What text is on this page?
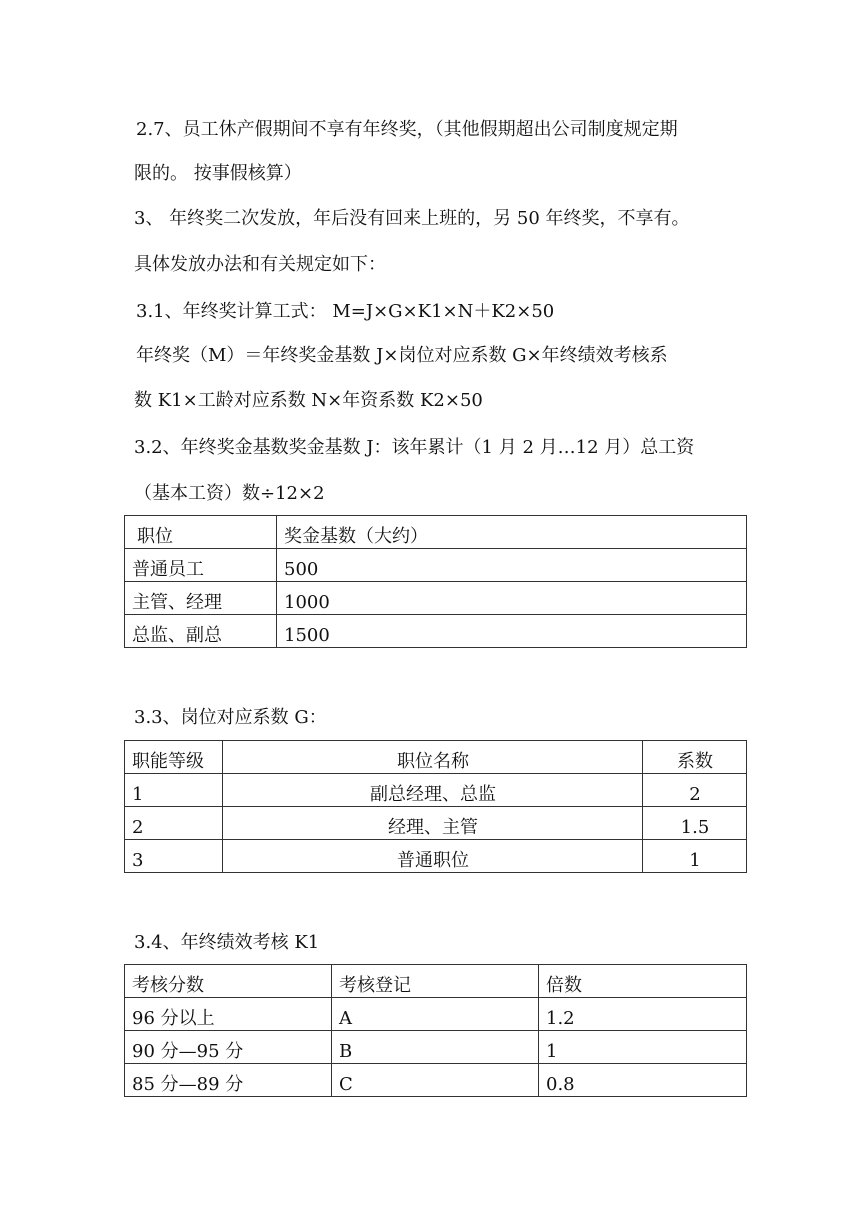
2.7、员工休产假期间不享有年终奖，（其他假期超出公司制度规定期

限的。 按事假核算）

3、 年终奖二次发放，年后没有回来上班的，另 50 年终奖，不享有。

具体发放办法和有关规定如下：

3.1、年终奖计算工式： M=J×G×K1×N＋K2×50

年终奖（M）＝年终奖金基数 J×岗位对应系数 G×年终绩效考核系

数 K1×工龄对应系数 N×年资系数 K2×50

3.2、年终奖金基数奖金基数 J：该年累计（1 月 2 月…12 月）总工资

（基本工资）数÷12×2

职位	奖金基数（大约）
普通员工	500
主管、经理	1000
总监、副总	1500

3.3、岗位对应系数 G：

职能等级	职位名称	系数
1	副总经理、总监	2
2	经理、主管	1.5
3	普通职位	1

3.4、年终绩效考核 K1

考核分数	考核登记	倍数
96 分以上	A	1.2
90 分—95 分	B	1
85 分—89 分	C	0.8
